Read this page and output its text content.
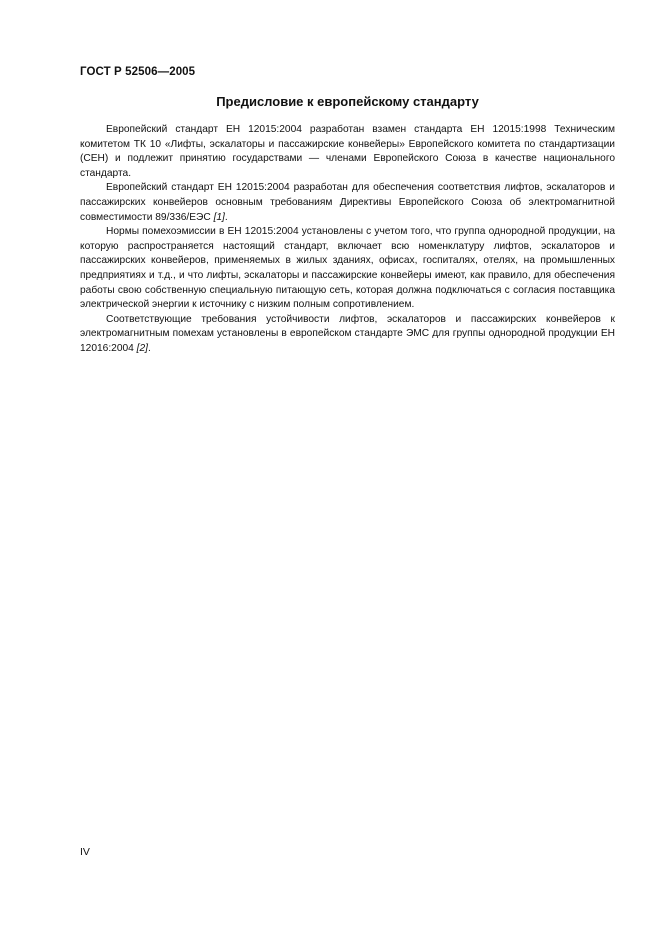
ГОСТ Р 52506—2005
Предисловие к европейскому стандарту

Европейский стандарт ЕН 12015:2004 разработан взамен стандарта ЕН 12015:1998 Техническим комитетом ТК 10 «Лифты, эскалаторы и пассажирские конвейеры» Европейского комитета по стандартизации (СЕН) и подлежит принятию государствами — членами Европейского Союза в качестве национального стандарта.

Европейский стандарт ЕН 12015:2004 разработан для обеспечения соответствия лифтов, эскалаторов и пассажирских конвейеров основным требованиям Директивы Европейского Союза об электромагнитной совместимости 89/336/ЕЭС [1].

Нормы помехоэмиссии в ЕН 12015:2004 установлены с учетом того, что группа однородной продукции, на которую распространяется настоящий стандарт, включает всю номенклатуру лифтов, эскалаторов и пассажирских конвейеров, применяемых в жилых зданиях, офисах, госпиталях, отелях, на промышленных предприятиях и т.д., и что лифты, эскалаторы и пассажирские конвейеры имеют, как правило, для обеспечения работы свою собственную специальную питающую сеть, которая должна подключаться с согласия поставщика электрической энергии к источнику с низким полным сопротивлением.

Соответствующие требования устойчивости лифтов, эскалаторов и пассажирских конвейеров к электромагнитным помехам установлены в европейском стандарте ЭМС для группы однородной продукции ЕН 12016:2004 [2].

IV
